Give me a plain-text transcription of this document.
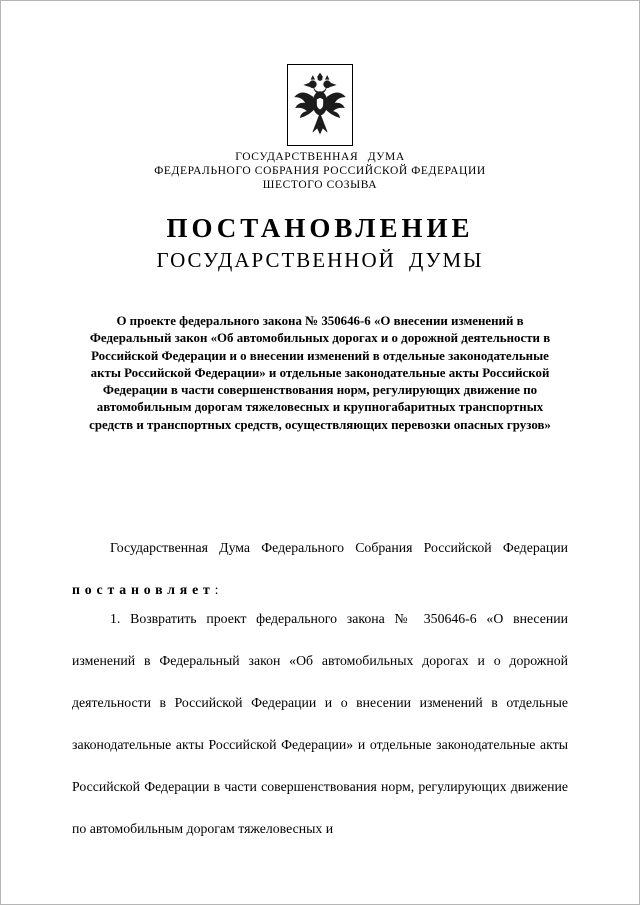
ГОСУДАРСТВЕННАЯ ДУМА
ФЕДЕРАЛЬНОГО СОБРАНИЯ РОССИЙСКОЙ ФЕДЕРАЦИИ
ШЕСТОГО СОЗЫВА
ПОСТАНОВЛЕНИЕ
ГОСУДАРСТВЕННОЙ ДУМЫ

О проекте федерального закона № 350646-6 «О внесении изменений в Федеральный закон «Об автомобильных дорогах и о дорожной деятельности в Российской Федерации и о внесении изменений в отдельные законодательные акты Российской Федерации» и отдельные законодательные акты Российской Федерации в части совершенствования норм, регулирующих движение по автомобильным дорогам тяжеловесных и крупногабаритных транспортных средств и транспортных средств, осуществляющих перевозки опасных грузов»

Государственная Дума Федерального Собрания Российской Федерации постановляет:

1. Возвратить проект федерального закона № 350646-6 «О внесении изменений в Федеральный закон «Об автомобильных дорогах и о дорожной деятельности в Российской Федерации и о внесении изменений в отдельные законодательные акты Российской Федерации» и отдельные законодательные акты Российской Федерации в части совершенствования норм, регулирующих движение по автомобильным дорогам тяжеловесных и
